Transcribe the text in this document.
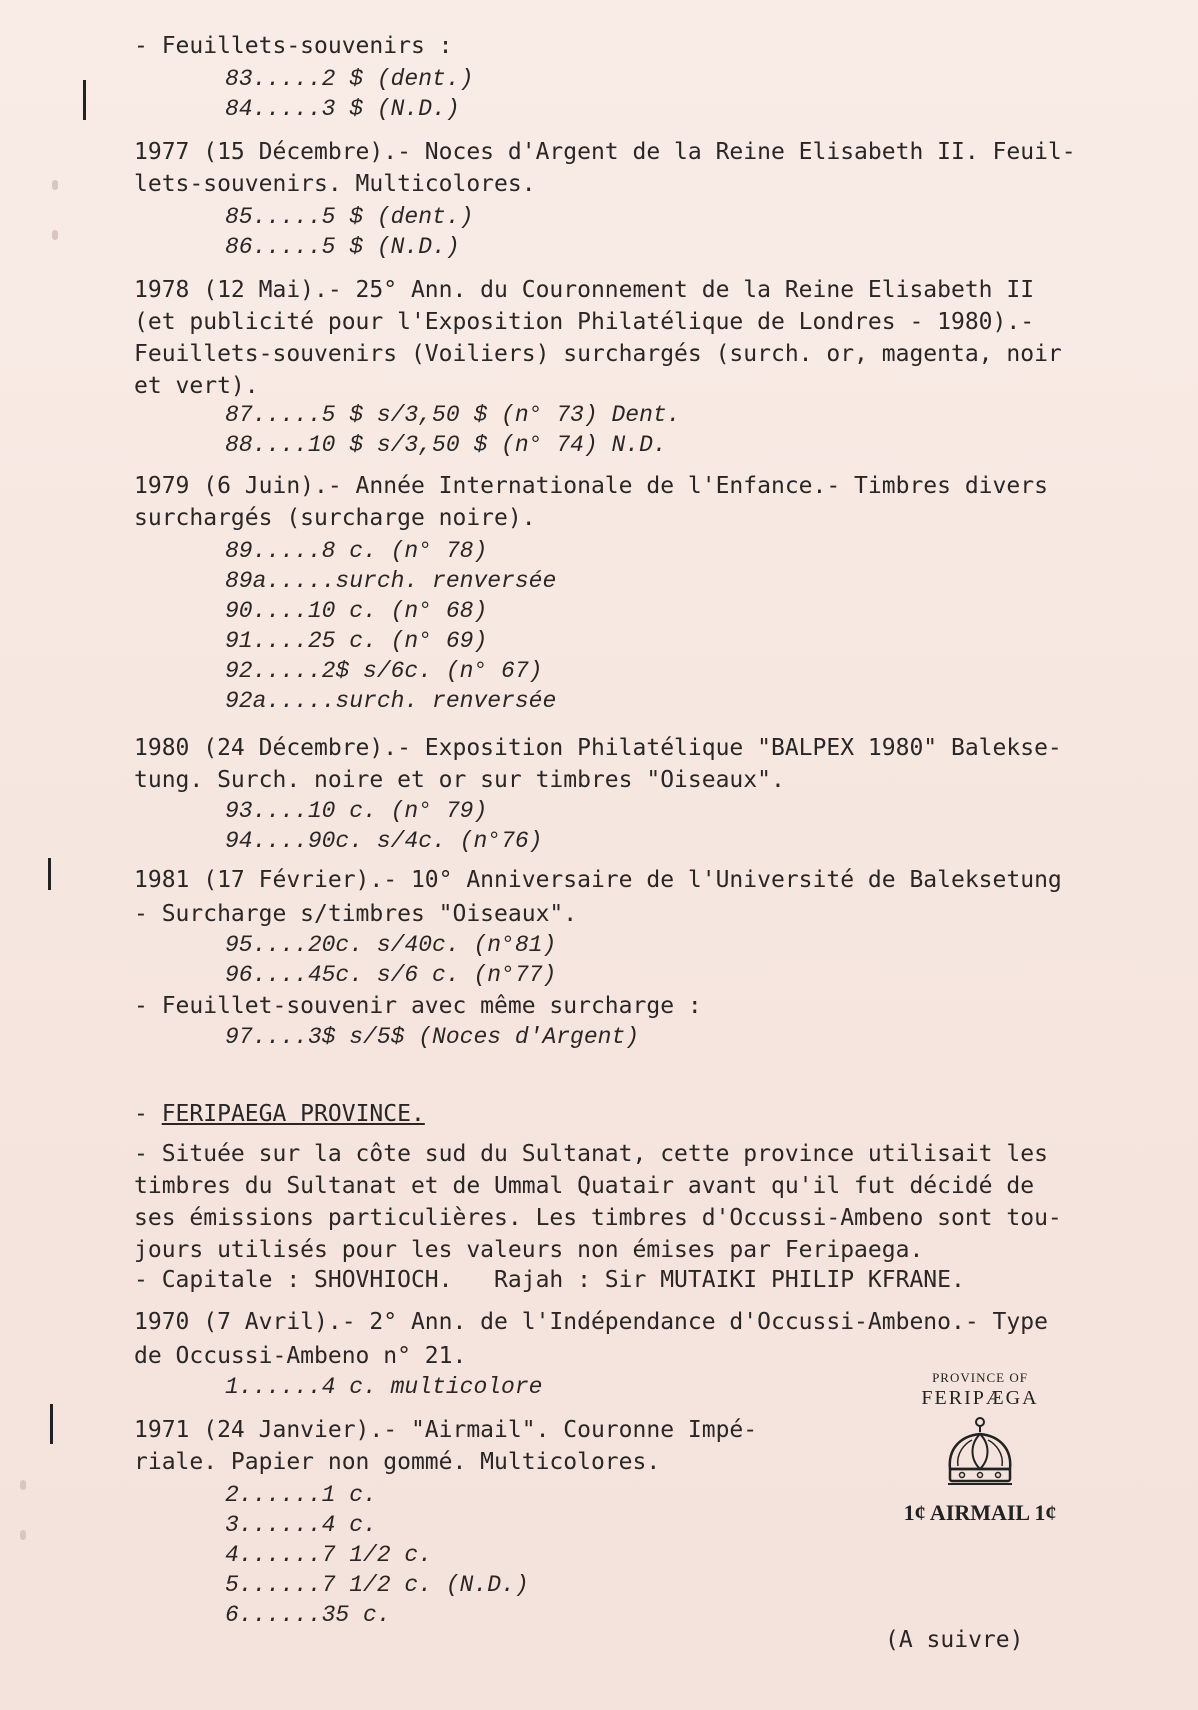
- Feuillets-souvenirs :
83.....2 $ (dent.)
84.....3 $ (N.D.)
1977 (15 Décembre).- Noces d'Argent de la Reine Elisabeth II. Feuil-
lets-souvenirs. Multicolores.
85.....5 $ (dent.)
86.....5 $ (N.D.)
1978 (12 Mai).- 25° Ann. du Couronnement de la Reine Elisabeth II
(et publicité pour l'Exposition Philatélique de Londres - 1980).-
Feuillets-souvenirs (Voiliers) surchargés (surch. or, magenta, noir
et vert).
87.....5 $ s/3,50 $ (n° 73) Dent.
88....10 $ s/3,50 $ (n° 74) N.D.
1979 (6 Juin).- Année Internationale de l'Enfance.- Timbres divers
surchargés (surcharge noire).
89.....8 c. (n° 78)
89a.....surch. renversée
90....10 c. (n° 68)
91....25 c. (n° 69)
92.....2$ s/6c. (n° 67)
92a.....surch. renversée
1980 (24 Décembre).- Exposition Philatélique "BALPEX 1980" Balekse-
tung. Surch. noire et or sur timbres "Oiseaux".
93....10 c. (n° 79)
94....90c. s/4c. (n°76)
1981 (17 Février).- 10° Anniversaire de l'Université de Baleksetung
- Surcharge s/timbres "Oiseaux".
95....20c. s/40c. (n°81)
96....45c. s/6 c. (n°77)
- Feuillet-souvenir avec même surcharge :
97....3$ s/5$ (Noces d'Argent)
- FERIPAEGA PROVINCE.
- Située sur la côte sud du Sultanat, cette province utilisait les
timbres du Sultanat et de Ummal Quatair avant qu'il fut décidé de
ses émissions particulières. Les timbres d'Occussi-Ambeno sont tou-
jours utilisés pour les valeurs non émises par Feripaega.
- Capitale : SHOVHIOCH.   Rajah : Sir MUTAIKI PHILIP KFRANE.
1970 (7 Avril).- 2° Ann. de l'Indépendance d'Occussi-Ambeno.- Type
de Occussi-Ambeno n° 21.
1......4 c. multicolore
1971 (24 Janvier).- "Airmail". Couronne Impé-
riale. Papier non gommé. Multicolores.
2......1 c.
3......4 c.
4......7 1/2 c.
5......7 1/2 c. (N.D.)
6......35 c.
PROVINCE OF
FERIPÆGA
1¢ AIRMAIL 1¢
(A suivre)
